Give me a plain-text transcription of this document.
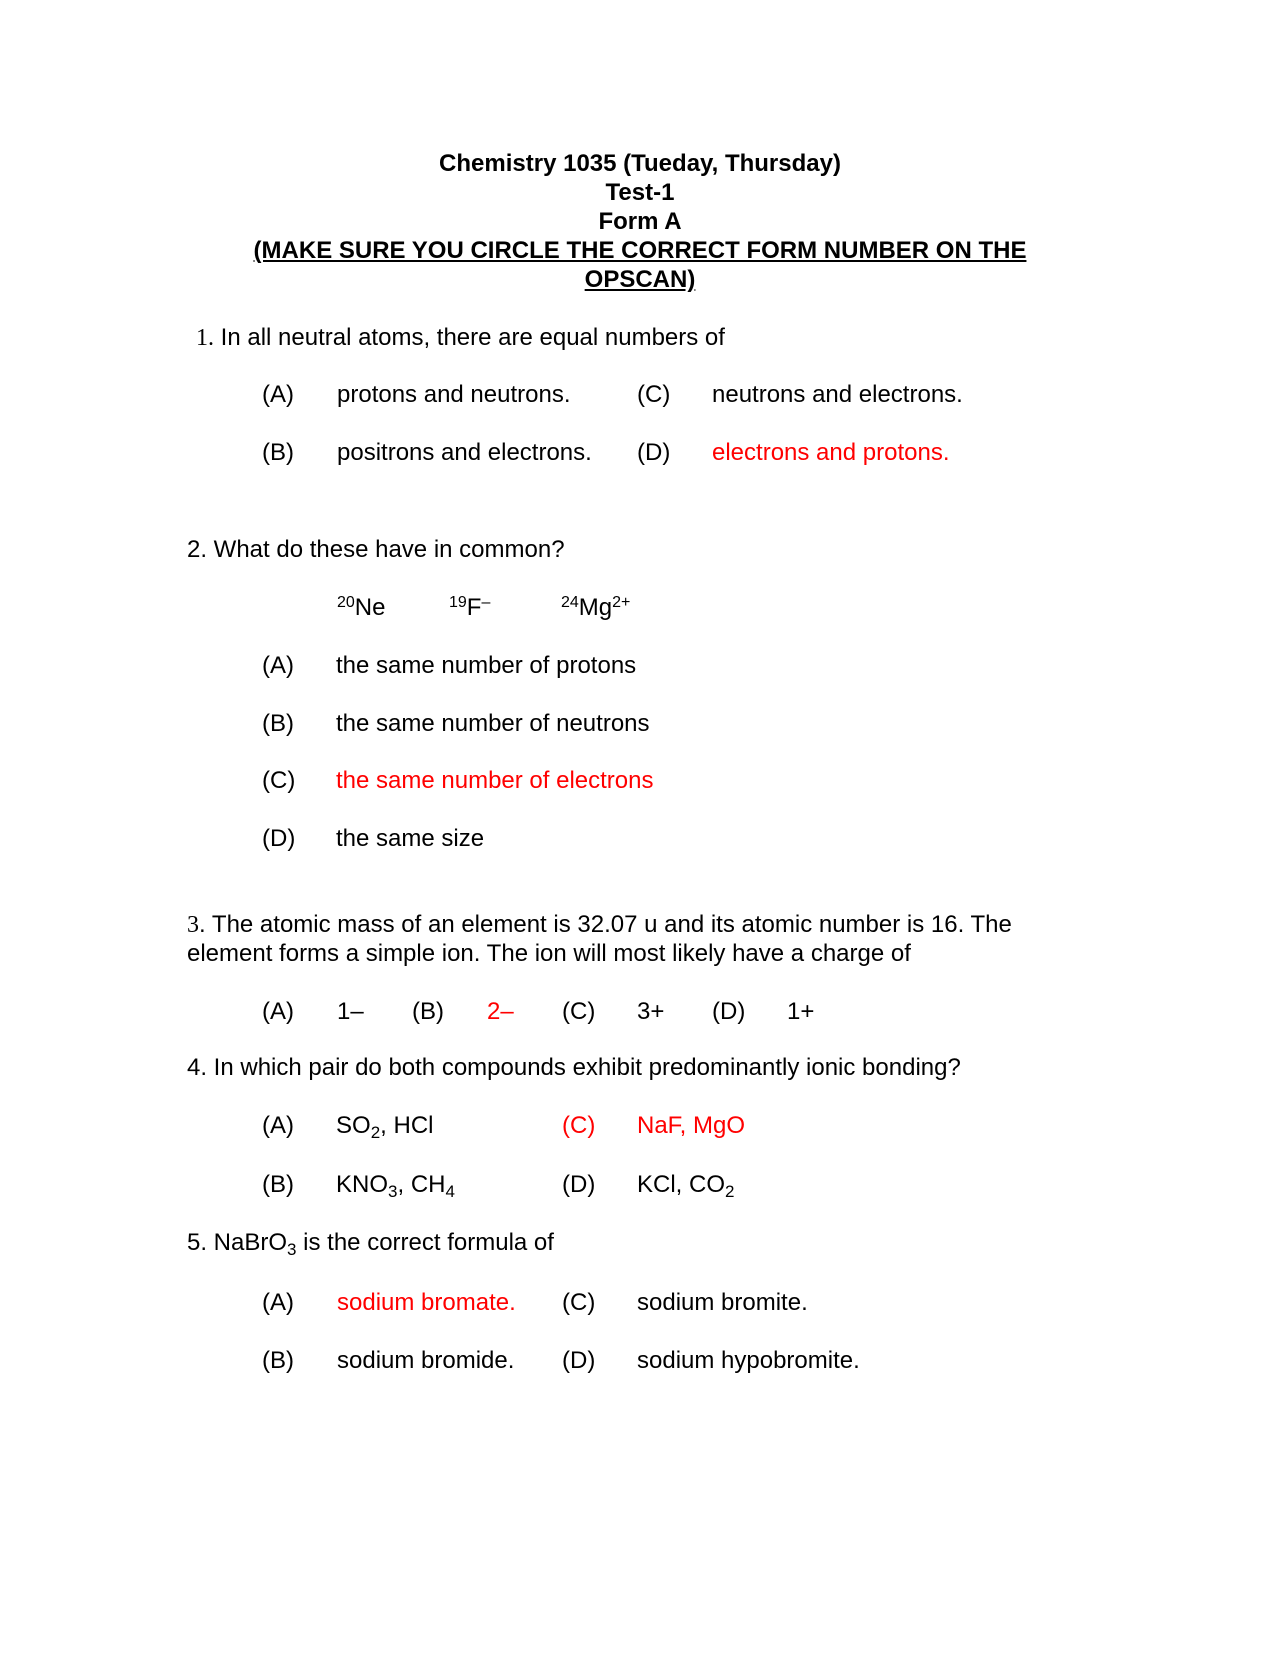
Chemistry 1035 (Tueday, Thursday)
Test-1
Form A
(MAKE SURE YOU CIRCLE THE CORRECT FORM NUMBER ON THE
OPSCAN)
1. In all neutral atoms, there are equal numbers of
(A) protons and neutrons.	(C) neutrons and electrons.
(B) positrons and electrons. (D) electrons and protons.
2. What do these have in common?
$^{20}$Ne	$^{19}$F–	$^{24}Mg^{2+}$
(A) the same number of protons
(B) the same number of neutrons
(C) the same number of electrons
(D) the same size
3. The atomic mass of an element is 32.07 u and its atomic number is 16. The
element forms a simple ion. The ion will most likely have a charge of
(A) 1– (B) 2– (C) 3+ (D) 1+
4. In which pair do both compounds exhibit predominantly ionic bonding?
(A) $SO_2$, HCl	(C) NaF, MgO
(B) $KNO_3$, $CH_4$	(D) KCl, $CO_2$
5. NaBrO$_3$ is the correct formula of
(A) sodium bromate. (C) sodium bromite.
(B) sodium bromide. (D) sodium hypobromite.
